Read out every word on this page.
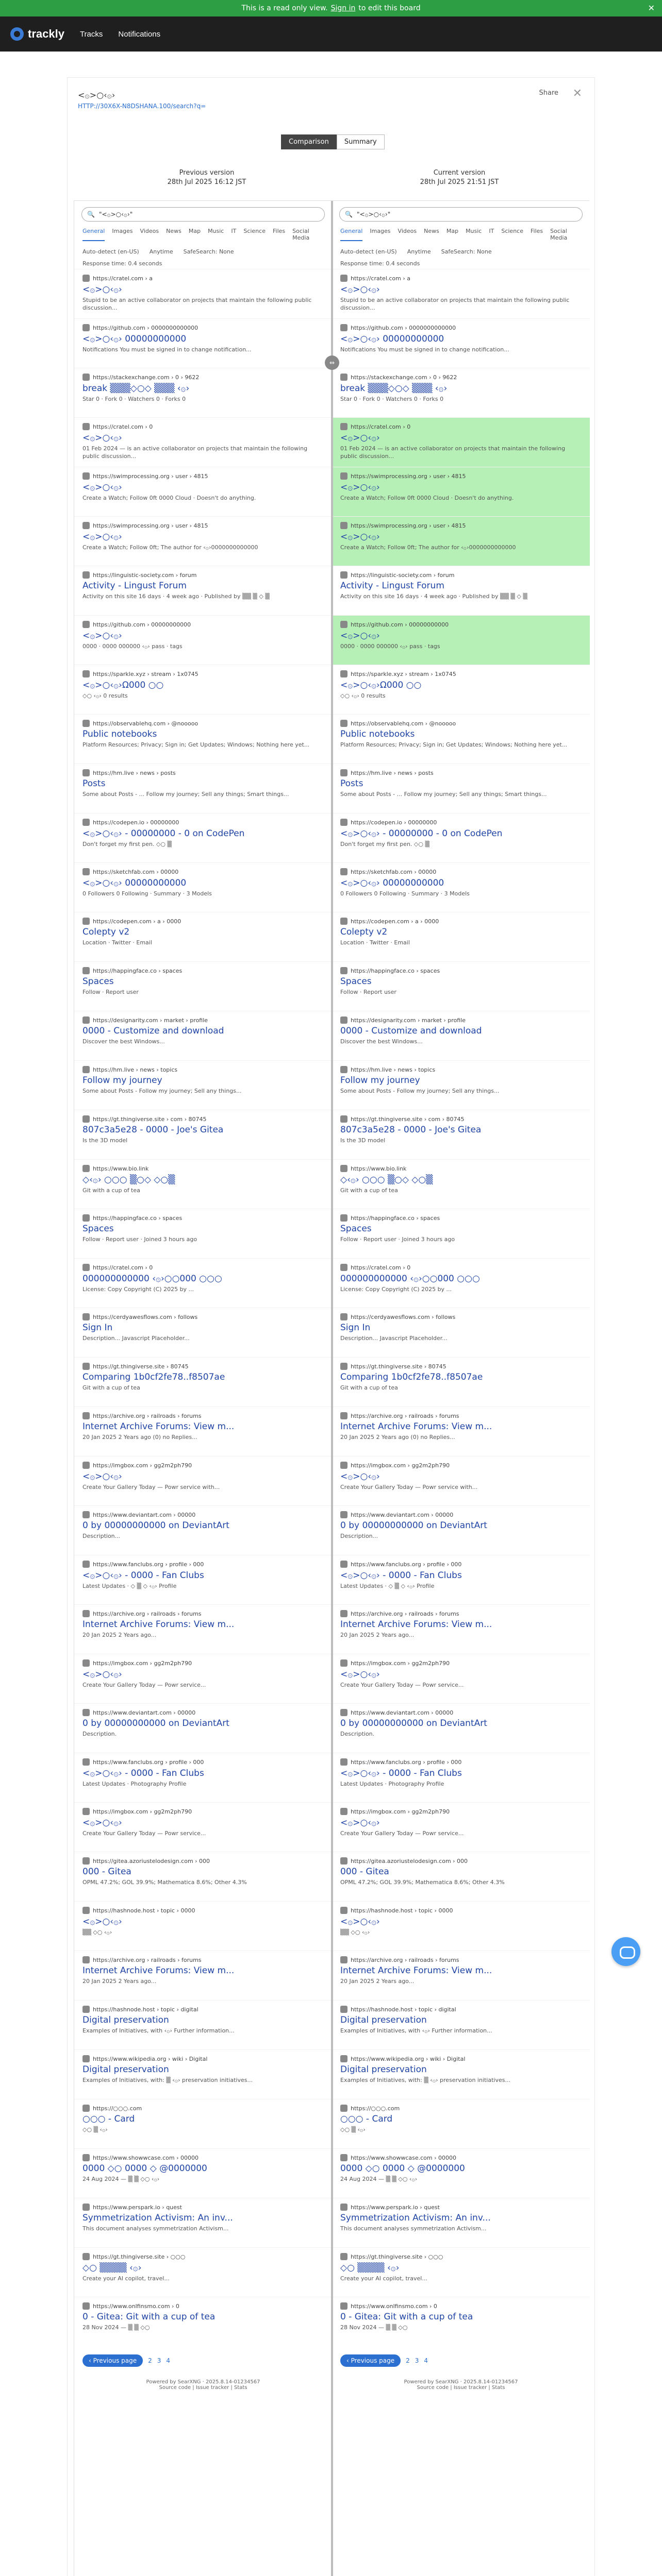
This is a read only view. Sign in to edit this board	✕
trackly Tracks Notifications
<۞>○‹۞›
HTTP://30X6X-N8DSHANA.100/search?q=
Share ✕
Comparison	Summary
Previous version
28th Jul 2025 16:12 JST
Current version
28th Jul 2025 21:51 JST
🔍 "<۞>○‹۞›"
General Images Videos News Map Music IT Science Files Social Media
Auto-detect (en-US) Anytime SafeSearch: None
Response time: 0.4 seconds
https://cratel.com › a
<۞>○‹۞›
Stupid to be an active collaborator on projects that maintain the following public discussion...
https://github.com › 0000000000000
<۞>○‹۞› 00000000000
Notifications You must be signed in to change notification...
https://stackexchange.com › 0 › 9622
break ▒▒▒◇○◇ ▒▒▒ ‹۞›
Star 0 · Fork 0 · Watchers 0 · Forks 0
https://cratel.com › 0
<۞>○‹۞›
01 Feb 2024 — is an active collaborator on projects that maintain the following public discussion...
https://swimprocessing.org › user › 4815
<۞>○‹۞›
Create a Watch; Follow 0ft 0000 Cloud · Doesn't do anything.
https://swimprocessing.org › user › 4815
<۞>○‹۞›
Create a Watch; Follow 0ft; The author for ‹۞›0000000000000
https://linguistic-society.com › forum
Activity - Lingust Forum
Activity on this site 16 days · 4 week ago · Published by ▒▒ ▒ ◇ ▒
https://github.com › 00000000000
<۞>○‹۞›
0000 · 0000 000000 ‹۞› pass · tags
https://sparkle.xyz › stream › 1x0745
<۞>○‹۞›Ω000 ○○
◇○ ‹۞› 0 results
https://observablehq.com › @nooooo
Public notebooks
Platform Resources; Privacy; Sign in; Get Updates; Windows; Nothing here yet...
https://hm.live › news › posts
Posts
Some about Posts - ... Follow my journey; Sell any things; Smart things...
https://codepen.io › 00000000
<۞>○‹۞› - 00000000 - 0 on CodePen
Don't forget my first pen. ◇○ ▒
https://sketchfab.com › 00000
<۞>○‹۞› 00000000000
0 Followers 0 Following · Summary · 3 Models
https://codepen.com › a › 0000
Colepty v2
Location · Twitter · Email
https://happingface.co › spaces
Spaces
Follow · Report user
https://designarity.com › market › profile
0000 - Customize and download
Discover the best Windows...
https://hm.live › news › topics
Follow my journey
Some about Posts - Follow my journey; Sell any things...
https://gt.thingiverse.site › com › 80745
807c3a5e28 - 0000 - Joe's Gitea
Is the 3D model
https://www.bio.link
◇‹۞› ○○○ ▒○◇ ◇○▒
Git with a cup of tea
https://happingface.co › spaces
Spaces
Follow · Report user · Joined 3 hours ago
https://cratel.com › 0
000000000000 ‹۞›○○000 ○○○
License: Copy Copyright (C) 2025 by ...
https://cerdyawesflows.com › follows
Sign In
Description... Javascript Placeholder...
https://gt.thingiverse.site › 80745
Comparing 1b0cf2fe78..f8507ae
Git with a cup of tea
https://archive.org › railroads › forums
Internet Archive Forums: View m...
20 Jan 2025 2 Years ago (0) no Replies...
https://imgbox.com › gg2m2ph790
<۞>○‹۞›
Create Your Gallery Today — Powr service with...
https://www.deviantart.com › 00000
0 by 00000000000 on DeviantArt
Description...
https://www.fanclubs.org › profile › 000
<۞>○‹۞› - 0000 - Fan Clubs
Latest Updates · ◇ ▒ ◇ ‹۞› Profile
https://archive.org › railroads › forums
Internet Archive Forums: View m...
20 Jan 2025 2 Years ago...
https://imgbox.com › gg2m2ph790
<۞>○‹۞›
Create Your Gallery Today — Powr service...
https://www.deviantart.com › 00000
0 by 00000000000 on DeviantArt
Description.
https://www.fanclubs.org › profile › 000
<۞>○‹۞› - 0000 - Fan Clubs
Latest Updates · Photography Profile
https://imgbox.com › gg2m2ph790
<۞>○‹۞›
Create Your Gallery Today — Powr service...
https://gitea.azoriustelodesign.com › 000
000 - Gitea
OPML 47.2%; GOL 39.9%; Mathematica 8.6%; Other 4.3%
https://hashnode.host › topic › 0000
<۞>○‹۞›
▒▒ ◇○ ‹۞›
https://archive.org › railroads › forums
Internet Archive Forums: View m...
20 Jan 2025 2 Years ago...
https://hashnode.host › topic › digital
Digital preservation
Examples of Initiatives, with ‹۞› Further information...
https://www.wikipedia.org › wiki › Digital
Digital preservation
Examples of Initiatives, with: ▒ ‹۞› preservation initiatives...
https://○○○.com
○○○ - Card
◇○ ▒ ‹۞›
https://www.showwcase.com › 00000
0000 ◇○ 0000 ◇ @0000000
24 Aug 2024 — ▒ ▒ ◇○ ‹۞›
https://www.perspark.io › quest
Symmetrization Activism: An inv...
This document analyses symmetrization Activism...
https://gt.thingiverse.site › ○○○
◇○ ▒▒▒▒ ‹۞›
Create your AI copilot, travel...
https://www.onlfinsmo.com › 0
0 - Gitea: Git with a cup of tea
28 Nov 2024 — ▒ ▒ ◇○
‹ Previous page	2 3 4
Powered by SearXNG · 2025.8.14-01234567
Source code | Issue tracker | Stats
🔍 "<۞>○‹۞›"
General Images Videos News Map Music IT Science Files Social Media
Auto-detect (en-US) Anytime SafeSearch: None
Response time: 0.4 seconds
https://cratel.com › a
<۞>○‹۞›
Stupid to be an active collaborator on projects that maintain the following public discussion...
https://github.com › 0000000000000
<۞>○‹۞› 00000000000
Notifications You must be signed in to change notification...
https://stackexchange.com › 0 › 9622
break ▒▒▒◇○◇ ▒▒▒ ‹۞›
Star 0 · Fork 0 · Watchers 0 · Forks 0
https://cratel.com › 0
<۞>○‹۞›
01 Feb 2024 — is an active collaborator on projects that maintain the following public discussion...
https://swimprocessing.org › user › 4815
<۞>○‹۞›
Create a Watch; Follow 0ft 0000 Cloud · Doesn't do anything.
https://swimprocessing.org › user › 4815
<۞>○‹۞›
Create a Watch; Follow 0ft; The author for ‹۞›0000000000000
https://linguistic-society.com › forum
Activity - Lingust Forum
Activity on this site 16 days · 4 week ago · Published by ▒▒ ▒ ◇ ▒
https://github.com › 00000000000
<۞>○‹۞›
0000 · 0000 000000 ‹۞› pass · tags
https://sparkle.xyz › stream › 1x0745
<۞>○‹۞›Ω000 ○○
◇○ ‹۞› 0 results
https://observablehq.com › @nooooo
Public notebooks
Platform Resources; Privacy; Sign in; Get Updates; Windows; Nothing here yet...
https://hm.live › news › posts
Posts
Some about Posts - ... Follow my journey; Sell any things; Smart things...
https://codepen.io › 00000000
<۞>○‹۞› - 00000000 - 0 on CodePen
Don't forget my first pen. ◇○ ▒
https://sketchfab.com › 00000
<۞>○‹۞› 00000000000
0 Followers 0 Following · Summary · 3 Models
https://codepen.com › a › 0000
Colepty v2
Location · Twitter · Email
https://happingface.co › spaces
Spaces
Follow · Report user
https://designarity.com › market › profile
0000 - Customize and download
Discover the best Windows...
https://hm.live › news › topics
Follow my journey
Some about Posts - Follow my journey; Sell any things...
https://gt.thingiverse.site › com › 80745
807c3a5e28 - 0000 - Joe's Gitea
Is the 3D model
https://www.bio.link
◇‹۞› ○○○ ▒○◇ ◇○▒
Git with a cup of tea
https://happingface.co › spaces
Spaces
Follow · Report user · Joined 3 hours ago
https://cratel.com › 0
000000000000 ‹۞›○○000 ○○○
License: Copy Copyright (C) 2025 by ...
https://cerdyawesflows.com › follows
Sign In
Description... Javascript Placeholder...
https://gt.thingiverse.site › 80745
Comparing 1b0cf2fe78..f8507ae
Git with a cup of tea
https://archive.org › railroads › forums
Internet Archive Forums: View m...
20 Jan 2025 2 Years ago (0) no Replies...
https://imgbox.com › gg2m2ph790
<۞>○‹۞›
Create Your Gallery Today — Powr service with...
https://www.deviantart.com › 00000
0 by 00000000000 on DeviantArt
Description...
https://www.fanclubs.org › profile › 000
<۞>○‹۞› - 0000 - Fan Clubs
Latest Updates · ◇ ▒ ◇ ‹۞› Profile
https://archive.org › railroads › forums
Internet Archive Forums: View m...
20 Jan 2025 2 Years ago...
https://imgbox.com › gg2m2ph790
<۞>○‹۞›
Create Your Gallery Today — Powr service...
https://www.deviantart.com › 00000
0 by 00000000000 on DeviantArt
Description.
https://www.fanclubs.org › profile › 000
<۞>○‹۞› - 0000 - Fan Clubs
Latest Updates · Photography Profile
https://imgbox.com › gg2m2ph790
<۞>○‹۞›
Create Your Gallery Today — Powr service...
https://gitea.azoriustelodesign.com › 000
000 - Gitea
OPML 47.2%; GOL 39.9%; Mathematica 8.6%; Other 4.3%
https://hashnode.host › topic › 0000
<۞>○‹۞›
▒▒ ◇○ ‹۞›
https://archive.org › railroads › forums
Internet Archive Forums: View m...
20 Jan 2025 2 Years ago...
https://hashnode.host › topic › digital
Digital preservation
Examples of Initiatives, with ‹۞› Further information...
https://www.wikipedia.org › wiki › Digital
Digital preservation
Examples of Initiatives, with: ▒ ‹۞› preservation initiatives...
https://○○○.com
○○○ - Card
◇○ ▒ ‹۞›
https://www.showwcase.com › 00000
0000 ◇○ 0000 ◇ @0000000
24 Aug 2024 — ▒ ▒ ◇○ ‹۞›
https://www.perspark.io › quest
Symmetrization Activism: An inv...
This document analyses symmetrization Activism...
https://gt.thingiverse.site › ○○○
◇○ ▒▒▒▒ ‹۞›
Create your AI copilot, travel...
https://www.onlfinsmo.com › 0
0 - Gitea: Git with a cup of tea
28 Nov 2024 — ▒ ▒ ◇○
‹ Previous page	2 3 4
Powered by SearXNG · 2025.8.14-01234567
Source code | Issue tracker | Stats
⇔
